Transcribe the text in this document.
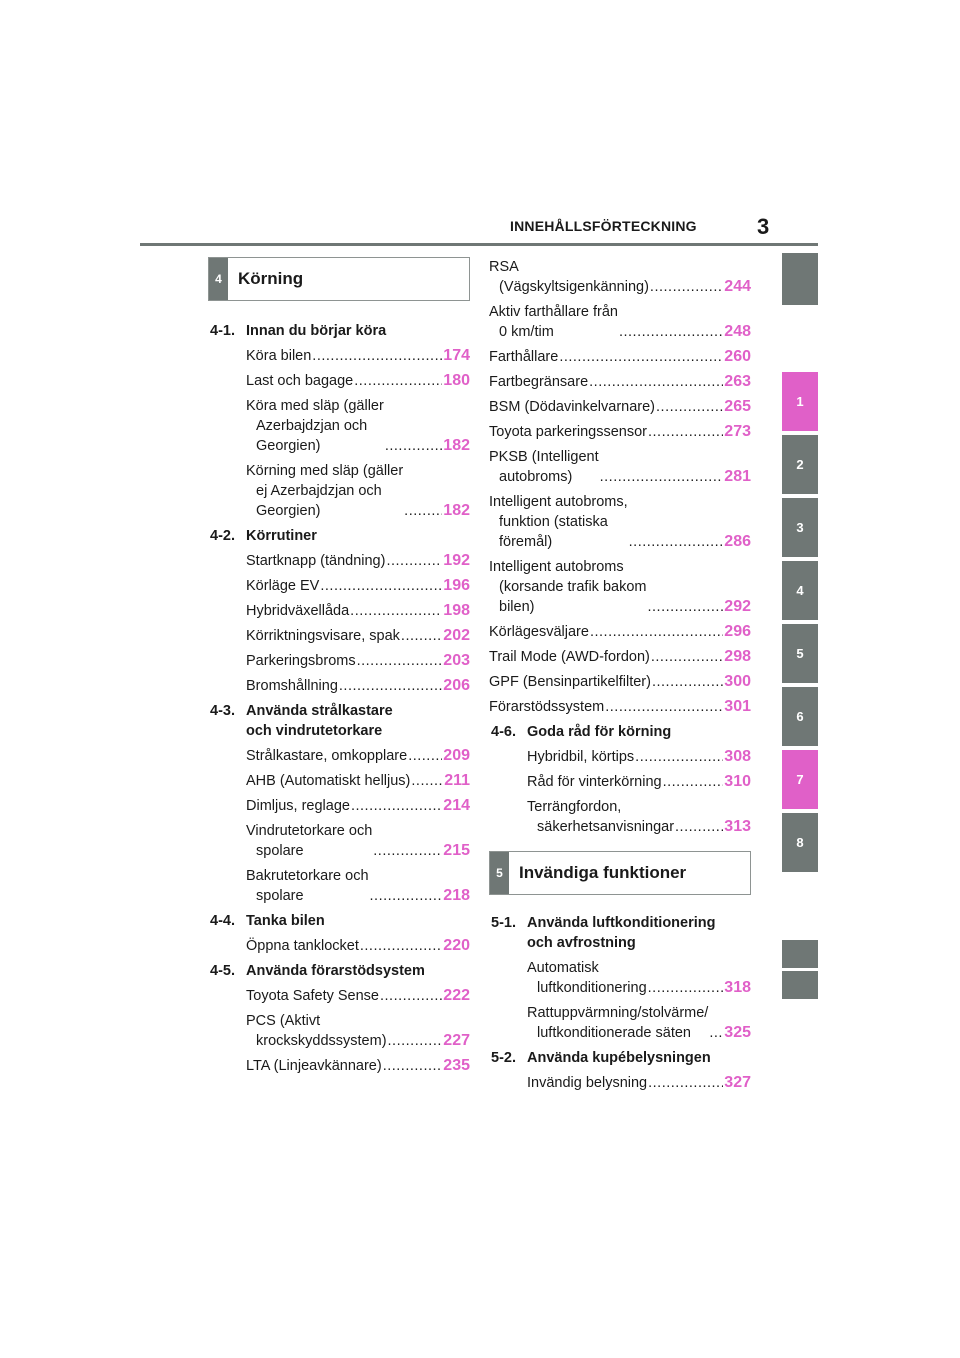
INNEHÅLLSFÖRTECKNING	3
1
2
3
4
5
6
7
8
4 Körning
4-1. Innan du börjar köra
Köra bilen .....	174
Last och bagage .....	180
Köra med släp (gäller
Azerbajdzjan och
Georgien) .....	182
Körning med släp (gäller
ej Azerbajdzjan och
Georgien) .....	182
4-2. Körrutiner
Startknapp (tändning) .....	192
Körläge EV .....	196
Hybridväxellåda .....	198
Körriktningsvisare, spak .....	202
Parkeringsbroms .....	203
Bromshållning .....	206
4-3. Använda strålkastare
och vindrutetorkare
Strålkastare, omkopplare ..... 209
AHB (Automatiskt helljus) ..... 211
Dimljus, reglage .....	214
Vindrutetorkare och
spolare .....	215
Bakrutetorkare och
spolare .....	218
4-4. Tanka bilen
Öppna tanklocket .....	220
4-5. Använda förarstödsystem
Toyota Safety Sense .....	222
PCS (Aktivt
krockskyddssystem) .....	227
LTA (Linjeavkännare) .....	235
RSA
(Vägskyltsigenkänning) .....	244
Aktiv farthållare från
0 km/tim .....	248
Farthållare .....	260
Fartbegränsare .....	263
BSM (Dödavinkelvarnare) .....	265
Toyota parkeringssensor .....	273
PKSB (Intelligent
autobroms) .....	281
Intelligent autobroms,
funktion (statiska
föremål) .....	286
Intelligent autobroms
(korsande trafik bakom
bilen) .....	292
Körlägesväljare .....	296
Trail Mode (AWD-fordon) .....	298
GPF (Bensinpartikelfilter) .....	300
Förarstödssystem .....	301
4-6. Goda råd för körning
Hybridbil, körtips .....	308
Råd för vinterkörning .....	310
Terrängfordon,
säkerhetsanvisningar .....	313
5 Invändiga funktioner
5-1. Använda luftkonditionering
och avfrostning
Automatisk
luftkonditionering .....	318
Rattuppvärmning/stolvärme/
luftkonditionerade säten .....	325
5-2. Använda kupébelysningen
Invändig belysning .....	327
